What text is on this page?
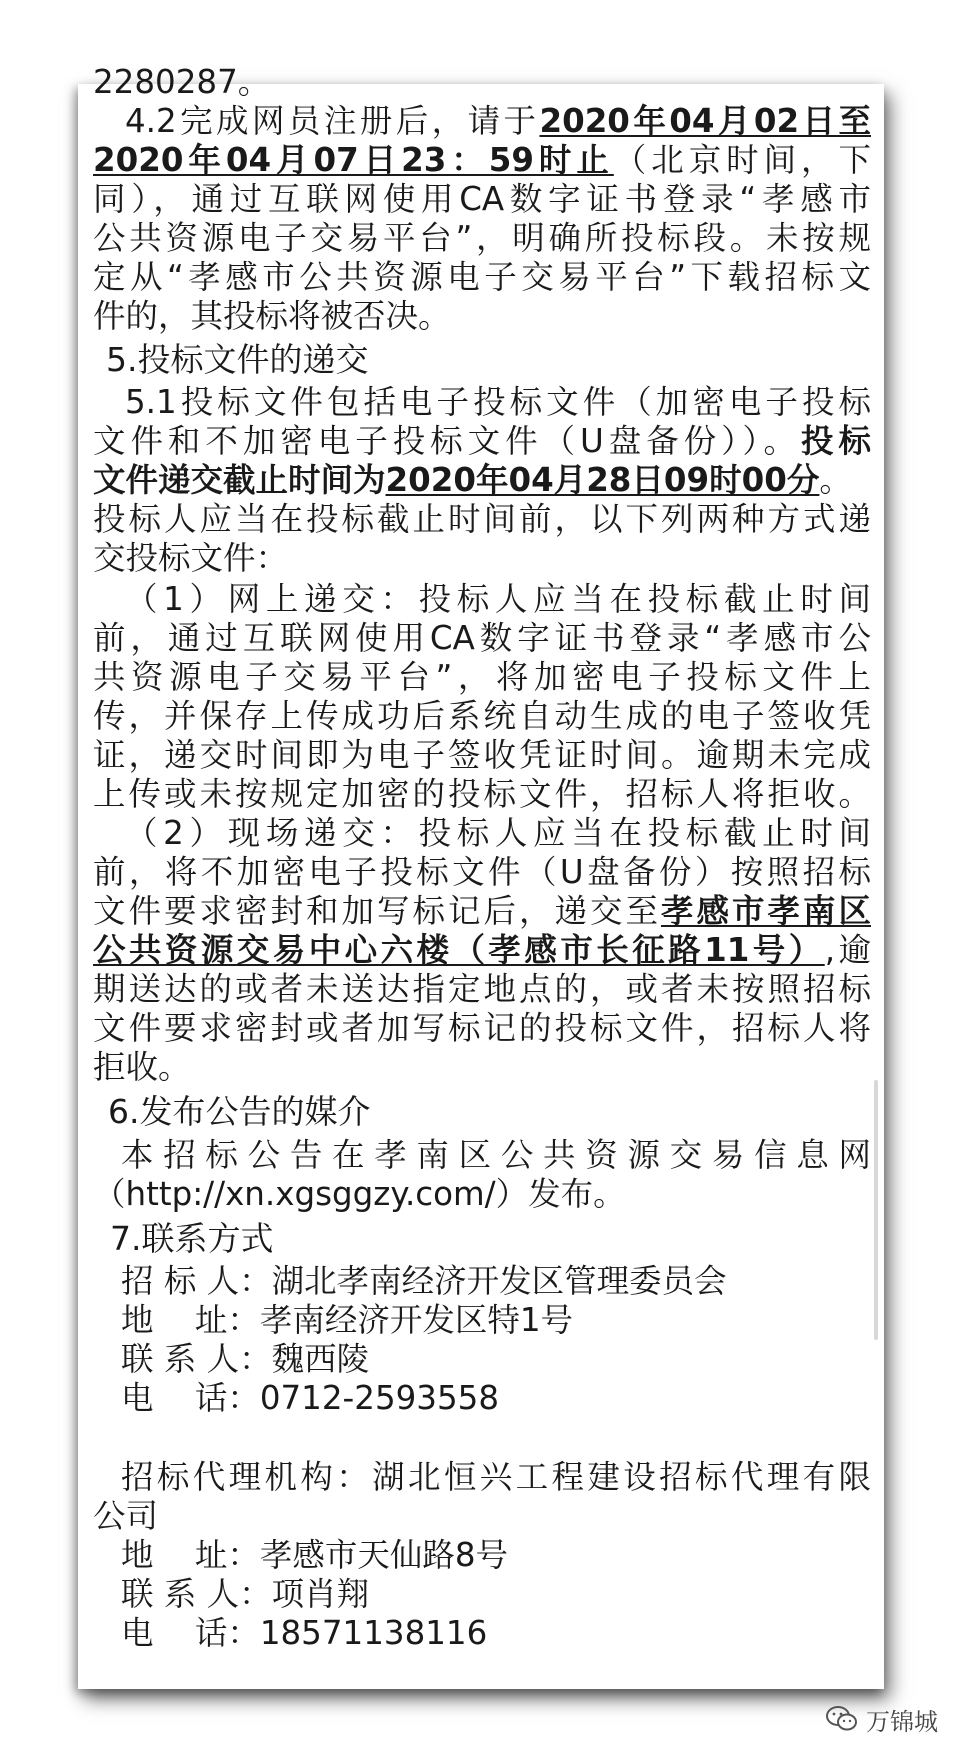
2280287。
4.2完成网员注册后，请于2020年04月02日至
2020年04月07日23：59时止（北京时间，下
同），通过互联网使用CA数字证书登录“孝感市
公共资源电子交易平台”，明确所投标段。未按规
定从“孝感市公共资源电子交易平台”下载招标文
件的，其投标将被否决。
5.投标文件的递交
5.1投标文件包括电子投标文件（加密电子投标
文件和不加密电子投标文件（U盘备份））。投标
文件递交截止时间为2020年04月28日09时00分。
投标人应当在投标截止时间前，以下列两种方式递
交投标文件：
（1）网上递交：投标人应当在投标截止时间
前，通过互联网使用CA数字证书登录“孝感市公
共资源电子交易平台”，将加密电子投标文件上
传，并保存上传成功后系统自动生成的电子签收凭
证，递交时间即为电子签收凭证时间。逾期未完成
上传或未按规定加密的投标文件，招标人将拒收。
（2）现场递交：投标人应当在投标截止时间
前，将不加密电子投标文件（U盘备份）按照招标
文件要求密封和加写标记后，递交至孝感市孝南区
公共资源交易中心六楼（孝感市长征路11号）,逾
期送达的或者未送达指定地点的，或者未按照招标
文件要求密封或者加写标记的投标文件，招标人将
拒收。
6.发布公告的媒介
本招标公告在孝南区公共资源交易信息网
（http://xn.xgsggzy.com/）发布。
7.联系方式
招 标 人：湖北孝南经济开发区管理委员会
地    址：孝南经济开发区特1号
联 系 人：魏西陵
电    话：0712-2593558
招标代理机构：湖北恒兴工程建设招标代理有限
公司
地    址：孝感市天仙路8号
联 系 人：项肖翔
电    话：18571138116
万锦城
